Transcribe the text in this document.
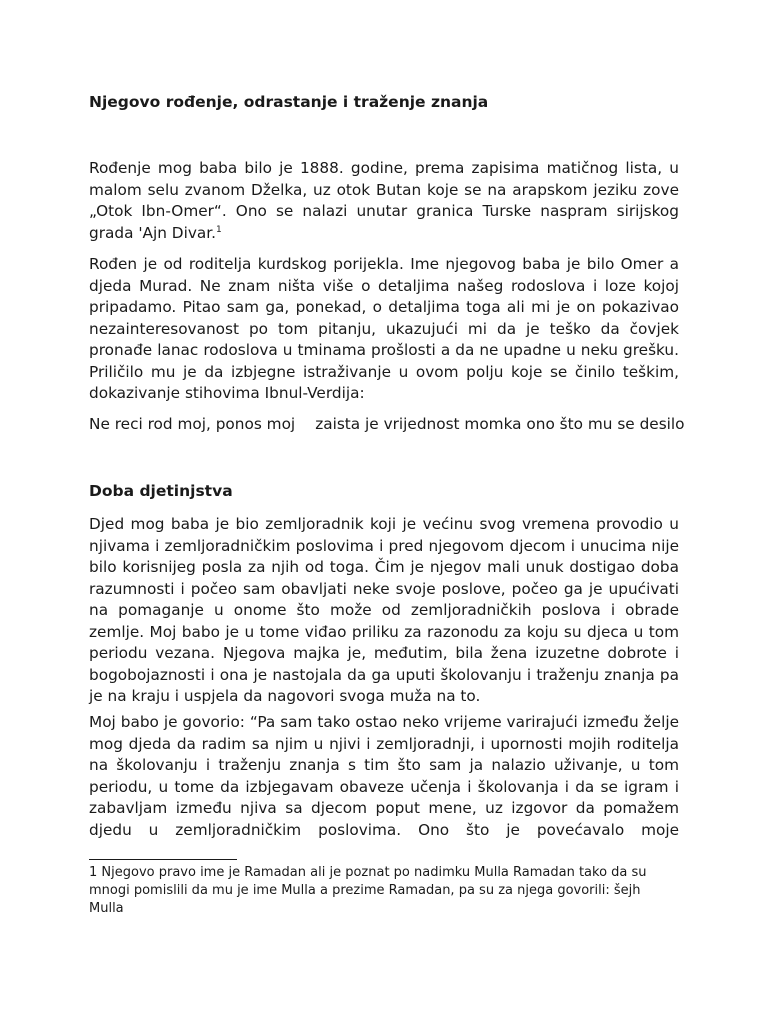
Njegovo rođenje, odrastanje i traženje znanja

Rođenje mog baba bilo je 1888. godine, prema zapisima matičnog lista, u malom selu zvanom Dželka, uz otok Butan koje se na arapskom jeziku zove „Otok Ibn-Omer“. Ono se nalazi unutar granica Turske naspram sirijskog grada 'Ajn Divar.$^1$

Rođen je od roditelja kurdskog porijekla. Ime njegovog baba je bilo Omer a djeda Murad. Ne znam ništa više o detaljima našeg rodoslova i loze kojoj pripadamo. Pitao sam ga, ponekad, o detaljima toga ali mi je on pokazivao nezainteresovanost po tom pitanju, ukazujući mi da je teško da čovjek pronađe lanac rodoslova u tminama prošlosti a da ne upadne u neku grešku. Priličilo mu je da izbjegne istraživanje u ovom polju koje se činilo teškim, dokazivanje stihovima Ibnul-Verdija:

Ne reci rod moj, ponos moj zaista je vrijednost momka ono što mu se desilo

Doba djetinjstva

Djed mog baba je bio zemljoradnik koji je većinu svog vremena provodio u njivama i zemljoradničkim poslovima i pred njegovom djecom i unucima nije bilo korisnijeg posla za njih od toga. Čim je njegov mali unuk dostigao doba razumnosti i počeo sam obavljati neke svoje poslove, počeo ga je upućivati na pomaganje u onome što može od zemljoradničkih poslova i obrade zemlje. Moj babo je u tome viđao priliku za razonodu za koju su djeca u tom periodu vezana. Njegova majka je, međutim, bila žena izuzetne dobrote i bogobojaznosti i ona je nastojala da ga uputi školovanju i traženju znanja pa je na kraju i uspjela da nagovori svoga muža na to.

Moj babo je govorio: “Pa sam tako ostao neko vrijeme varirajući između želje mog djeda da radim sa njim u njivi i zemljoradnji, i upornosti mojih roditelja na školovanju i traženju znanja s tim što sam ja nalazio uživanje, u tom periodu, u tome da izbjegavam obaveze učenja i školovanja i da se igram i zabavljam između njiva sa djecom poput mene, uz izgovor da pomažem djedu u zemljoradničkim poslovima. Ono što je povećavalo moje

1 Njegovo pravo ime je Ramadan ali je poznat po nadimku Mulla Ramadan tako da su mnogi pomislili da mu je ime Mulla a prezime Ramadan, pa su za njega govorili: šejh Mulla
